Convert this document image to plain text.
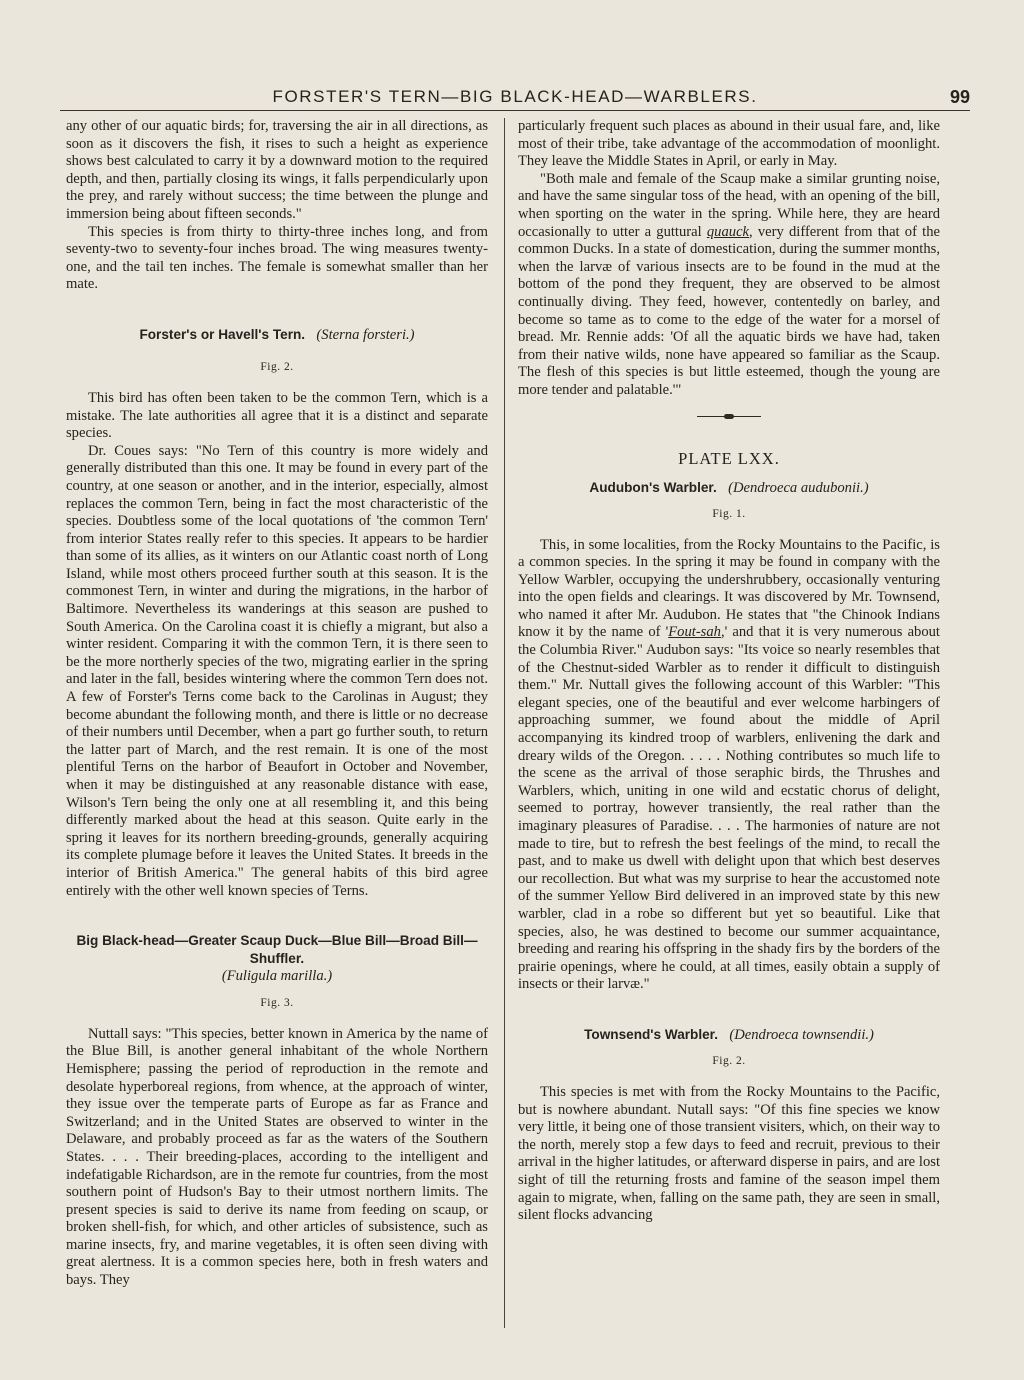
FORSTER'S TERN—BIG BLACK-HEAD—WARBLERS.	99

any other of our aquatic birds; for, traversing the air in all directions, as soon as it discovers the fish, it rises to such a height as experience shows best calculated to carry it by a downward motion to the required depth, and then, partially closing its wings, it falls perpendicularly upon the prey, and rarely without success; the time between the plunge and immersion being about fifteen seconds."

This species is from thirty to thirty-three inches long, and from seventy-two to seventy-four inches broad. The wing measures twenty-one, and the tail ten inches. The female is somewhat smaller than her mate.

Forster's or Havell's Tern. (Sterna forsteri.)
Fig. 2.

This bird has often been taken to be the common Tern, which is a mistake. The late authorities all agree that it is a distinct and separate species.

Dr. Coues says: "No Tern of this country is more widely and generally distributed than this one. It may be found in every part of the country, at one season or another, and in the interior, especially, almost replaces the common Tern, being in fact the most characteristic of the species. Doubtless some of the local quotations of 'the common Tern' from interior States really refer to this species. It appears to be hardier than some of its allies, as it winters on our Atlantic coast north of Long Island, while most others proceed further south at this season. It is the commonest Tern, in winter and during the migrations, in the harbor of Baltimore. Nevertheless its wanderings at this season are pushed to South America. On the Carolina coast it is chiefly a migrant, but also a winter resident. Comparing it with the common Tern, it is there seen to be the more northerly species of the two, migrating earlier in the spring and later in the fall, besides wintering where the common Tern does not. A few of Forster's Terns come back to the Carolinas in August; they become abundant the following month, and there is little or no decrease of their numbers until December, when a part go further south, to return the latter part of March, and the rest remain. It is one of the most plentiful Terns on the harbor of Beaufort in October and November, when it may be distinguished at any reasonable distance with ease, Wilson's Tern being the only one at all resembling it, and this being differently marked about the head at this season. Quite early in the spring it leaves for its northern breeding-grounds, generally acquiring its complete plumage before it leaves the United States. It breeds in the interior of British America." The general habits of this bird agree entirely with the other well known species of Terns.

Big Black-head—Greater Scaup Duck—Blue Bill—Broad Bill—Shuffler.
(Fuligula marilla.)
Fig. 3.

Nuttall says: "This species, better known in America by the name of the Blue Bill, is another general inhabitant of the whole Northern Hemisphere; passing the period of reproduction in the remote and desolate hyperboreal regions, from whence, at the approach of winter, they issue over the temperate parts of Europe as far as France and Switzerland; and in the United States are observed to winter in the Delaware, and probably proceed as far as the waters of the Southern States. . . . Their breeding-places, according to the intelligent and indefatigable Richardson, are in the remote fur countries, from the most southern point of Hudson's Bay to their utmost northern limits. The present species is said to derive its name from feeding on scaup, or broken shell-fish, for which, and other articles of subsistence, such as marine insects, fry, and marine vegetables, it is often seen diving with great alertness. It is a common species here, both in fresh waters and bays. They

particularly frequent such places as abound in their usual fare, and, like most of their tribe, take advantage of the accommodation of moonlight. They leave the Middle States in April, or early in May.

"Both male and female of the Scaup make a similar grunting noise, and have the same singular toss of the head, with an opening of the bill, when sporting on the water in the spring. While here, they are heard occasionally to utter a guttural quauck, very different from that of the common Ducks. In a state of domestication, during the summer months, when the larvæ of various insects are to be found in the mud at the bottom of the pond they frequent, they are observed to be almost continually diving. They feed, however, contentedly on barley, and become so tame as to come to the edge of the water for a morsel of bread. Mr. Rennie adds: 'Of all the aquatic birds we have had, taken from their native wilds, none have appeared so familiar as the Scaup. The flesh of this species is but little esteemed, though the young are more tender and palatable.'"

PLATE LXX.
Audubon's Warbler. (Dendroeca audubonii.)
Fig. 1.

This, in some localities, from the Rocky Mountains to the Pacific, is a common species. In the spring it may be found in company with the Yellow Warbler, occupying the undershrubbery, occasionally venturing into the open fields and clearings. It was discovered by Mr. Townsend, who named it after Mr. Audubon. He states that "the Chinook Indians know it by the name of 'Fout-sah,' and that it is very numerous about the Columbia River." Audubon says: "Its voice so nearly resembles that of the Chestnut-sided Warbler as to render it difficult to distinguish them." Mr. Nuttall gives the following account of this Warbler: "This elegant species, one of the beautiful and ever welcome harbingers of approaching summer, we found about the middle of April accompanying its kindred troop of warblers, enlivening the dark and dreary wilds of the Oregon. . . . . Nothing contributes so much life to the scene as the arrival of those seraphic birds, the Thrushes and Warblers, which, uniting in one wild and ecstatic chorus of delight, seemed to portray, however transiently, the real rather than the imaginary pleasures of Paradise. . . . The harmonies of nature are not made to tire, but to refresh the best feelings of the mind, to recall the past, and to make us dwell with delight upon that which best deserves our recollection. But what was my surprise to hear the accustomed note of the summer Yellow Bird delivered in an improved state by this new warbler, clad in a robe so different but yet so beautiful. Like that species, also, he was destined to become our summer acquaintance, breeding and rearing his offspring in the shady firs by the borders of the prairie openings, where he could, at all times, easily obtain a supply of insects or their larvæ."

Townsend's Warbler. (Dendroeca townsendii.)
Fig. 2.

This species is met with from the Rocky Mountains to the Pacific, but is nowhere abundant. Nutall says: "Of this fine species we know very little, it being one of those transient visiters, which, on their way to the north, merely stop a few days to feed and recruit, previous to their arrival in the higher latitudes, or afterward disperse in pairs, and are lost sight of till the returning frosts and famine of the season impel them again to migrate, when, falling on the same path, they are seen in small, silent flocks advancing
